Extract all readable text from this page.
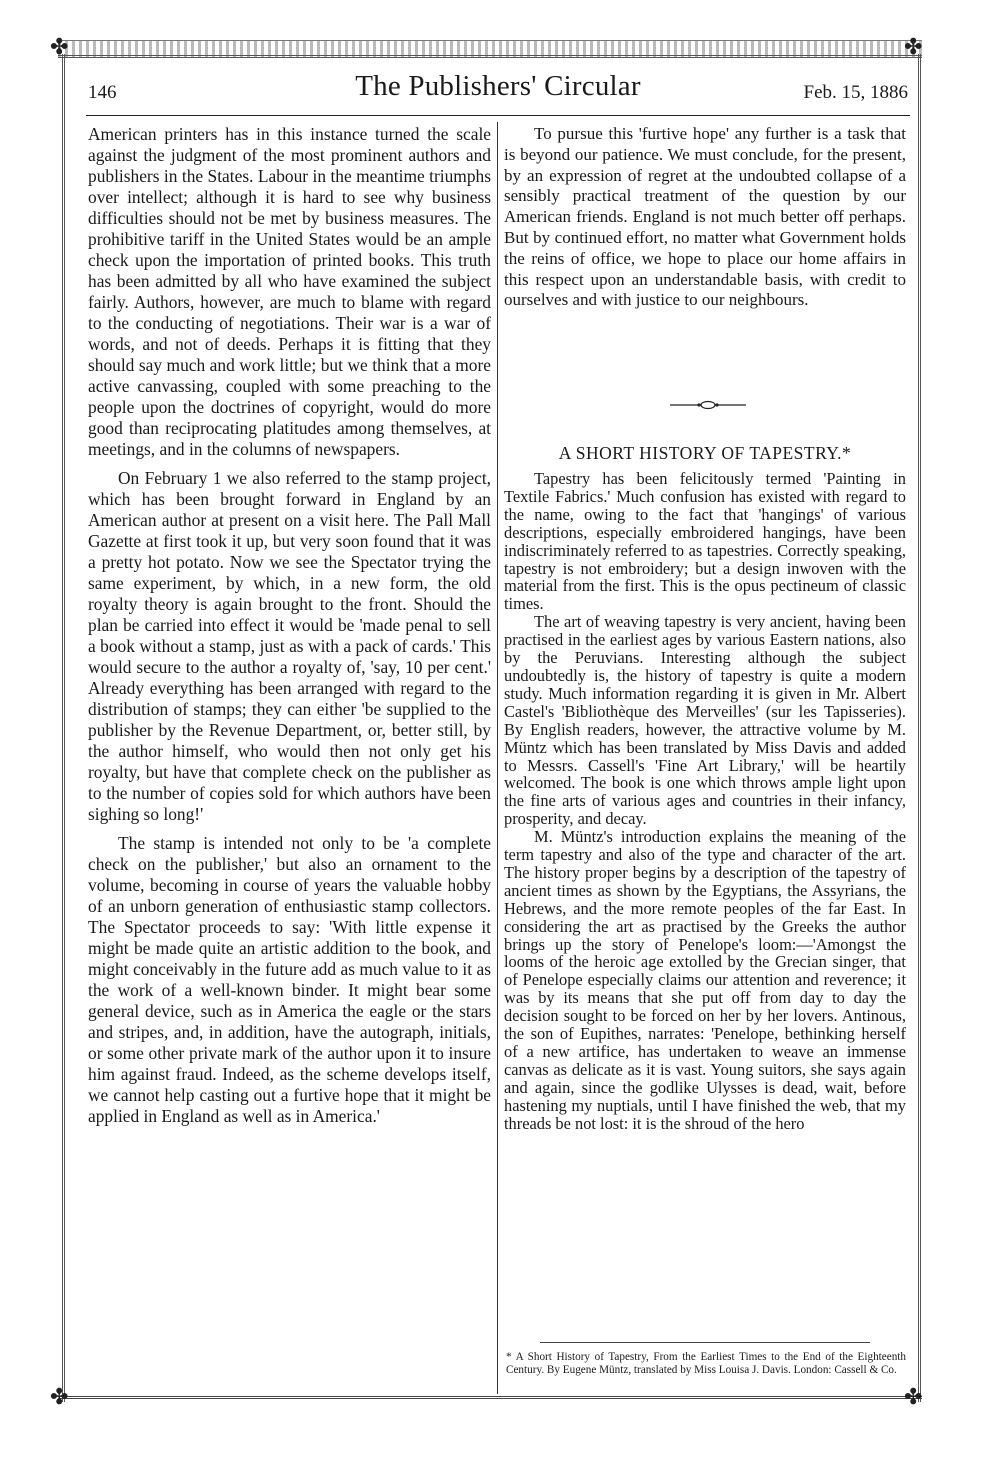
✤	✤
✤	✤
146	The Publishers' Circular	Feb. 15, 1886

American printers has in this instance turned the scale against the judgment of the most prominent authors and publishers in the States. Labour in the meantime triumphs over intellect; although it is hard to see why business difficulties should not be met by business measures. The prohibitive tariff in the United States would be an ample check upon the importation of printed books. This truth has been admitted by all who have examined the subject fairly. Authors, however, are much to blame with regard to the conducting of negotiations. Their war is a war of words, and not of deeds. Perhaps it is fitting that they should say much and work little; but we think that a more active canvassing, coupled with some preaching to the people upon the doctrines of copyright, would do more good than reciprocating platitudes among themselves, at meetings, and in the columns of newspapers.

On February 1 we also referred to the stamp project, which has been brought forward in England by an American author at present on a visit here. The Pall Mall Gazette at first took it up, but very soon found that it was a pretty hot potato. Now we see the Spectator trying the same experiment, by which, in a new form, the old royalty theory is again brought to the front. Should the plan be carried into effect it would be 'made penal to sell a book without a stamp, just as with a pack of cards.' This would secure to the author a royalty of, 'say, 10 per cent.' Already everything has been arranged with regard to the distribution of stamps; they can either 'be supplied to the publisher by the Revenue Department, or, better still, by the author himself, who would then not only get his royalty, but have that complete check on the publisher as to the number of copies sold for which authors have been sighing so long!'

The stamp is intended not only to be 'a complete check on the publisher,' but also an ornament to the volume, becoming in course of years the valuable hobby of an unborn generation of enthusiastic stamp collectors. The Spectator proceeds to say: 'With little expense it might be made quite an artistic addition to the book, and might conceivably in the future add as much value to it as the work of a well-known binder. It might bear some general device, such as in America the eagle or the stars and stripes, and, in addition, have the autograph, initials, or some other private mark of the author upon it to insure him against fraud. Indeed, as the scheme develops itself, we cannot help casting out a furtive hope that it might be applied in England as well as in America.'

To pursue this 'furtive hope' any further is a task that is beyond our patience. We must conclude, for the present, by an expression of regret at the undoubted collapse of a sensibly practical treatment of the question by our American friends. England is not much better off perhaps. But by continued effort, no matter what Government holds the reins of office, we hope to place our home affairs in this respect upon an understandable basis, with credit to ourselves and with justice to our neighbours.

A SHORT HISTORY OF TAPESTRY.*

Tapestry has been felicitously termed 'Painting in Textile Fabrics.' Much confusion has existed with regard to the name, owing to the fact that 'hangings' of various descriptions, especially embroidered hangings, have been indiscriminately referred to as tapestries. Correctly speaking, tapestry is not embroidery; but a design inwoven with the material from the first. This is the opus pectineum of classic times.

The art of weaving tapestry is very ancient, having been practised in the earliest ages by various Eastern nations, also by the Peruvians. Interesting although the subject undoubtedly is, the history of tapestry is quite a modern study. Much information regarding it is given in Mr. Albert Castel's 'Bibliothèque des Merveilles' (sur les Tapisseries). By English readers, however, the attractive volume by M. Müntz which has been translated by Miss Davis and added to Messrs. Cassell's 'Fine Art Library,' will be heartily welcomed. The book is one which throws ample light upon the fine arts of various ages and countries in their infancy, prosperity, and decay.

M. Müntz's introduction explains the meaning of the term tapestry and also of the type and character of the art. The history proper begins by a description of the tapestry of ancient times as shown by the Egyptians, the Assyrians, the Hebrews, and the more remote peoples of the far East. In considering the art as practised by the Greeks the author brings up the story of Penelope's loom:—'Amongst the looms of the heroic age extolled by the Grecian singer, that of Penelope especially claims our attention and reverence; it was by its means that she put off from day to day the decision sought to be forced on her by her lovers. Antinous, the son of Eupithes, narrates: 'Penelope, bethinking herself of a new artifice, has undertaken to weave an immense canvas as delicate as it is vast. Young suitors, she says again and again, since the godlike Ulysses is dead, wait, before hastening my nuptials, until I have finished the web, that my threads be not lost: it is the shroud of the hero

* A Short History of Tapestry, From the Earliest Times to the End of the Eighteenth Century. By Eugene Müntz, translated by Miss Louisa J. Davis. London: Cassell & Co.
